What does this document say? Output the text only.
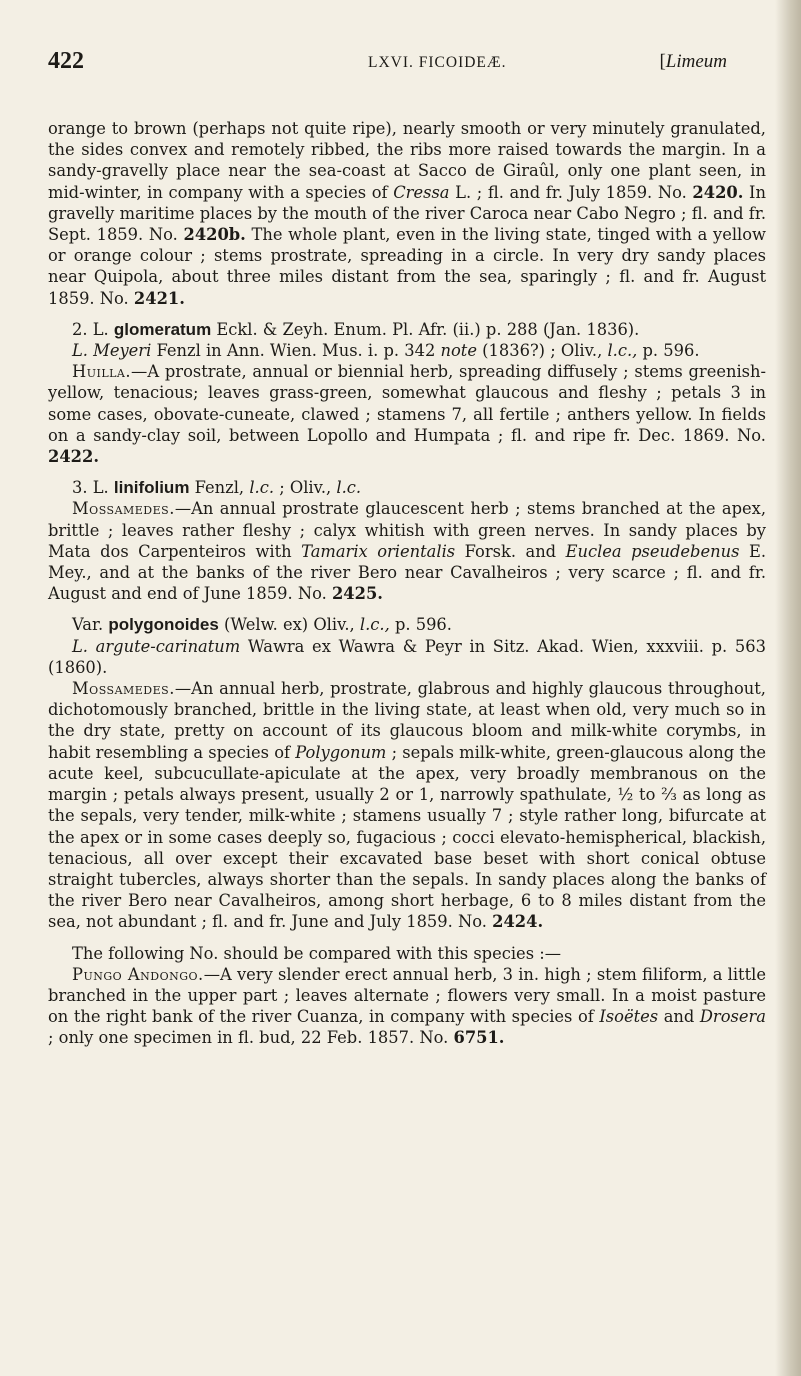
422	LXVI. FICOIDEÆ.
[	Limeum

orange to brown (perhaps not quite ripe), nearly smooth or very minutely granulated, the sides convex and remotely ribbed, the ribs more raised towards the margin. In a sandy-gravelly place near the sea-coast at Sacco de Giraûl, only one plant seen, in mid-winter, in company with a species of Cressa L. ; fl. and fr. July 1859. No. 2420. In gravelly maritime places by the mouth of the river Caroca near Cabo Negro ; fl. and fr. Sept. 1859. No. 2420b. The whole plant, even in the living state, tinged with a yellow or orange colour ; stems prostrate, spreading in a circle. In very dry sandy places near Quipola, about three miles distant from the sea, sparingly ; fl. and fr. August 1859. No. 2421.

2. L. glomeratum Eckl. & Zeyh. Enum. Pl. Afr. (ii.) p. 288 (Jan. 1836).

L. Meyeri Fenzl in Ann. Wien. Mus. i. p. 342 note (1836?) ; Oliv., l.c., p. 596.

Huilla.—A prostrate, annual or biennial herb, spreading diffusely ; stems greenish-yellow, tenacious; leaves grass-green, somewhat glaucous and fleshy ; petals 3 in some cases, obovate-cuneate, clawed ; stamens 7, all fertile ; anthers yellow. In fields on a sandy-clay soil, between Lopollo and Humpata ; fl. and ripe fr. Dec. 1869. No. 2422.

3. L. linifolium Fenzl, l.c. ; Oliv., l.c.

Mossamedes.—An annual prostrate glaucescent herb ; stems branched at the apex, brittle ; leaves rather fleshy ; calyx whitish with green nerves. In sandy places by Mata dos Carpenteiros with Tamarix orientalis Forsk. and Euclea pseudebenus E. Mey., and at the banks of the river Bero near Cavalheiros ; very scarce ; fl. and fr. August and end of June 1859. No. 2425.

Var. polygonoides (Welw. ex) Oliv., l.c., p. 596.

L. argute-carinatum Wawra ex Wawra & Peyr in Sitz. Akad. Wien, xxxviii. p. 563 (1860).

Mossamedes.—An annual herb, prostrate, glabrous and highly glaucous throughout, dichotomously branched, brittle in the living state, at least when old, very much so in the dry state, pretty on account of its glaucous bloom and milk-white corymbs, in habit resembling a species of Polygonum ; sepals milk-white, green-glaucous along the acute keel, subcucullate-apiculate at the apex, very broadly membranous on the margin ; petals always present, usually 2 or 1, narrowly spathulate, ½ to ⅔ as long as the sepals, very tender, milk-white ; stamens usually 7 ; style rather long, bifurcate at the apex or in some cases deeply so, fugacious ; cocci elevato-hemispherical, blackish, tenacious, all over except their excavated base beset with short conical obtuse straight tubercles, always shorter than the sepals. In sandy places along the banks of the river Bero near Cavalheiros, among short herbage, 6 to 8 miles distant from the sea, not abundant ; fl. and fr. June and July 1859. No. 2424.

The following No. should be compared with this species :—

Pungo Andongo.—A very slender erect annual herb, 3 in. high ; stem filiform, a little branched in the upper part ; leaves alternate ; flowers very small. In a moist pasture on the right bank of the river Cuanza, in company with species of Isoëtes and Drosera ; only one specimen in fl. bud, 22 Feb. 1857. No. 6751.
